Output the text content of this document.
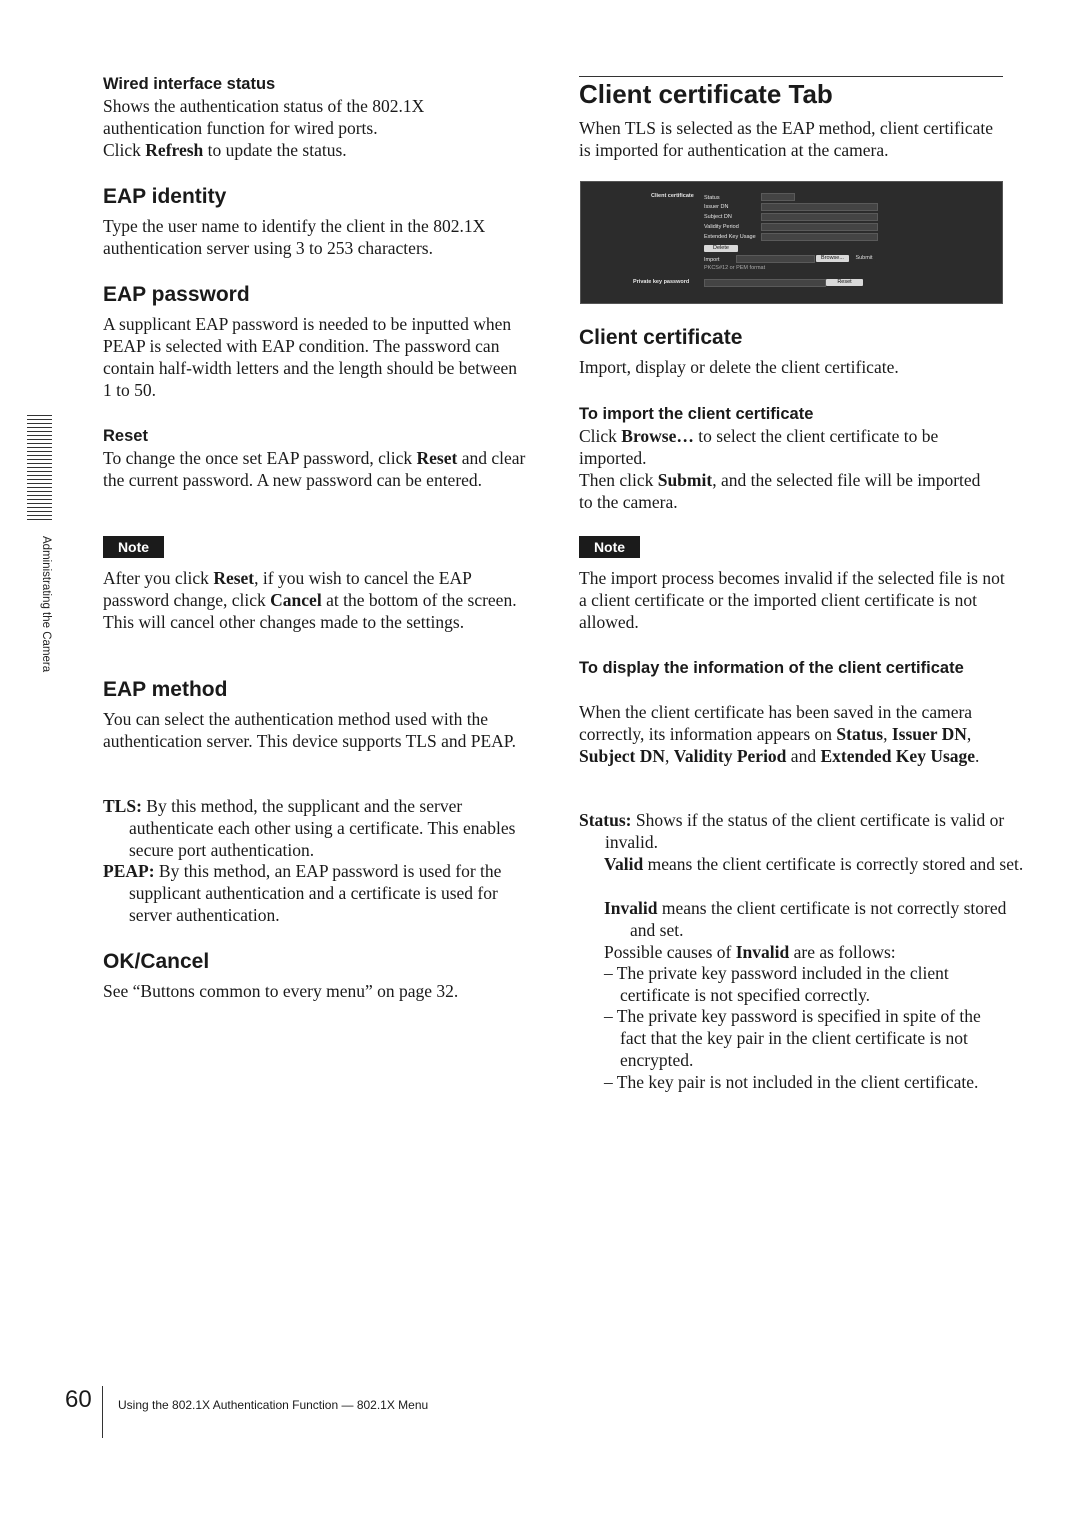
Wired interface status

Shows the authentication status of the 802.1X authentication function for wired ports.

Click Refresh to update the status.

EAP identity

Type the user name to identify the client in the 802.1X authentication server using 3 to 253 characters.

EAP password

A supplicant EAP password is needed to be inputted when PEAP is selected with EAP condition. The password can contain half-width letters and the length should be between 1 to 50.

Reset

To change the once set EAP password, click Reset and clear the current password. A new password can be entered.

Note

After you click Reset, if you wish to cancel the EAP password change, click Cancel at the bottom of the screen. This will cancel other changes made to the settings.

EAP method

You can select the authentication method used with the authentication server. This device supports TLS and PEAP.

TLS: By this method, the supplicant and the server authenticate each other using a certificate. This enables secure port authentication.

PEAP: By this method, an EAP password is used for the supplicant authentication and a certificate is used for server authentication.

OK/Cancel

See “Buttons common to every menu” on page 32.

Client certificate Tab

When TLS is selected as the EAP method, client certificate is imported for authentication at the camera.

Client certificate Status
Issuer DN
Subject DN
Validity Period
Extended Key Usage
Delete
Import	Browse...	Submit
PKCS#12 or PEM format
Private key password	Reset
Client certificate

Import, display or delete the client certificate.

To import the client certificate

Click Browse… to select the client certificate to be imported.

Then click Submit, and the selected file will be imported to the camera.

Note

The import process becomes invalid if the selected file is not a client certificate or the imported client certificate is not allowed.

To display the information of the client certificate

When the client certificate has been saved in the camera correctly, its information appears on Status, Issuer DN, Subject DN, Validity Period and Extended Key Usage.

Status: Shows if the status of the client certificate is valid or invalid.

Valid means the client certificate is correctly stored and set.

Invalid means the client certificate is not correctly stored and set.

Possible causes of Invalid are as follows:

– The private key password included in the client certificate is not specified correctly.

– The private key password is specified in spite of the fact that the key pair in the client certificate is not encrypted.

– The key pair is not included in the client certificate.

Administrating the Camera
60 Using the 802.1X Authentication Function — 802.1X Menu
